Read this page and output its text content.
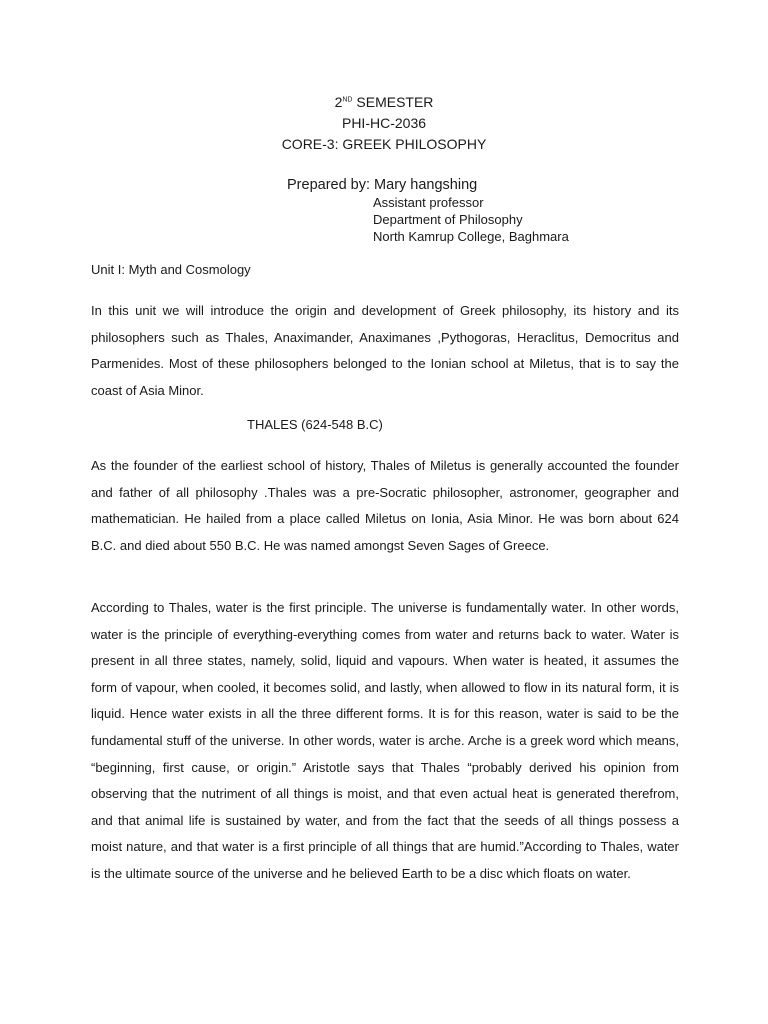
2ND SEMESTER
PHI-HC-2036
CORE-3: GREEK PHILOSOPHY
Prepared by: Mary hangshing
Assistant professor
Department of Philosophy
North Kamrup College, Baghmara
Unit I: Myth and Cosmology
In this unit we will introduce the origin and development of Greek philosophy, its history and its philosophers such as Thales, Anaximander, Anaximanes ,Pythogoras, Heraclitus, Democritus and Parmenides. Most of these philosophers belonged to the Ionian school at Miletus, that is to say the coast of Asia Minor.
THALES (624-548 B.C)
As the founder of the earliest school of history, Thales of Miletus is generally accounted the founder and father of all philosophy .Thales was a pre-Socratic philosopher, astronomer, geographer and mathematician. He hailed from a place called Miletus on Ionia, Asia Minor. He was born about 624 B.C. and died about 550 B.C. He was named amongst Seven Sages of Greece.
According to Thales, water is the first principle. The universe is fundamentally water. In other words, water is the principle of everything-everything comes from water and returns back to water. Water is present in all three states, namely, solid, liquid and vapours. When water is heated, it assumes the form of vapour, when cooled, it becomes solid, and lastly, when allowed to flow in its natural form, it is liquid. Hence water exists in all the three different forms. It is for this reason, water is said to be the fundamental stuff of the universe. In other words, water is arche. Arche is a greek word which means, “beginning, first cause, or origin.” Aristotle says that Thales “probably derived his opinion from observing that the nutriment of all things is moist, and that even actual heat is generated therefrom, and that animal life is sustained by water, and from the fact that the seeds of all things possess a moist nature, and that water is a first principle of all things that are humid.”According to Thales, water is the ultimate source of the universe and he believed Earth to be a disc which floats on water.
